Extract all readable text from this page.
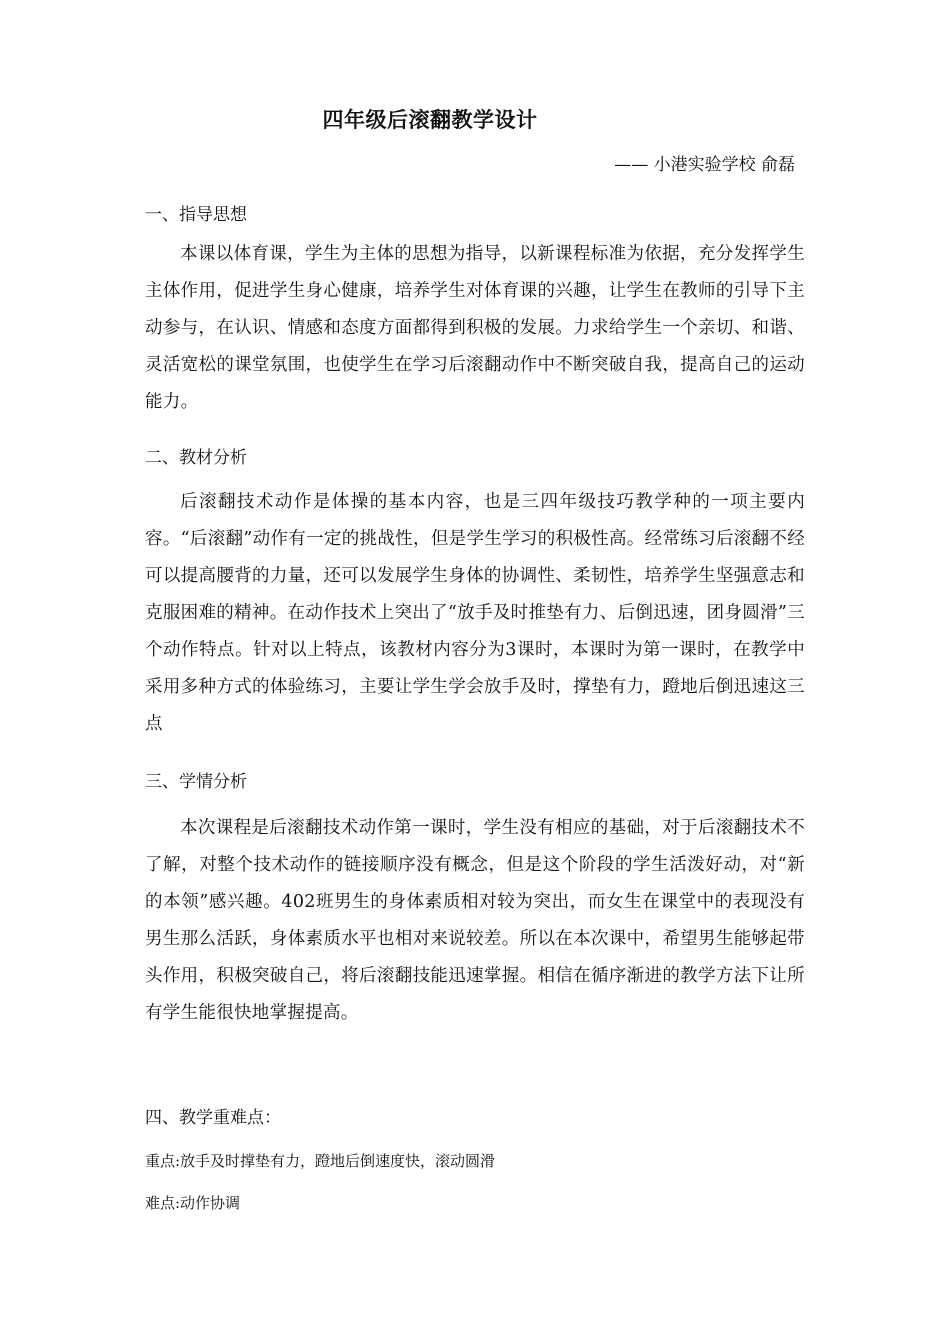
四年级后滚翻教学设计
—— 小港实验学校 俞磊
一、指导思想
本课以体育课，学生为主体的思想为指导，以新课程标准为依据，充分发挥学生主体作用，促进学生身心健康，培养学生对体育课的兴趣，让学生在教师的引导下主动参与，在认识、情感和态度方面都得到积极的发展。力求给学生一个亲切、和谐、灵活宽松的课堂氛围，也使学生在学习后滚翻动作中不断突破自我，提高自己的运动能力。
二、教材分析
后滚翻技术动作是体操的基本内容，也是三四年级技巧教学种的一项主要内容。“后滚翻”动作有一定的挑战性，但是学生学习的积极性高。经常练习后滚翻不经可以提高腰背的力量，还可以发展学生身体的协调性、柔韧性，培养学生坚强意志和克服困难的精神。在动作技术上突出了“放手及时推垫有力、后倒迅速，团身圆滑”三个动作特点。针对以上特点，该教材内容分为3课时，本课时为第一课时，在教学中采用多种方式的体验练习，主要让学生学会放手及时，撑垫有力，蹬地后倒迅速这三点
三、学情分析
本次课程是后滚翻技术动作第一课时，学生没有相应的基础，对于后滚翻技术不了解，对整个技术动作的链接顺序没有概念，但是这个阶段的学生活泼好动，对“新的本领”感兴趣。402班男生的身体素质相对较为突出，而女生在课堂中的表现没有男生那么活跃，身体素质水平也相对来说较差。所以在本次课中，希望男生能够起带头作用，积极突破自己，将后滚翻技能迅速掌握。相信在循序渐进的教学方法下让所有学生能很快地掌握提高。
四、教学重难点：
重点:放手及时撑垫有力，蹬地后倒速度快，滚动圆滑
难点:动作协调
